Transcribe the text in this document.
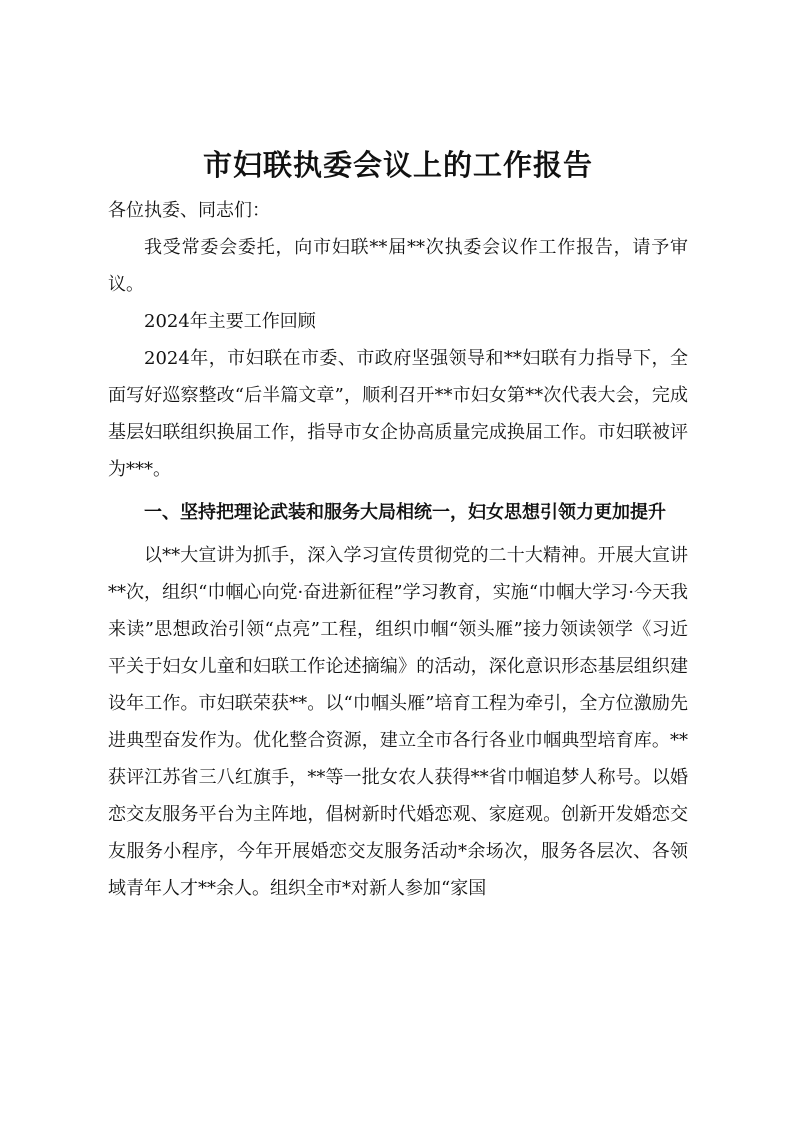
市妇联执委会议上的工作报告

各位执委、同志们：

我受常委会委托，向市妇联**届**次执委会议作工作报告，请予审议。

2024年主要工作回顾

2024年，市妇联在市委、市政府坚强领导和**妇联有力指导下，全面写好巡察整改“后半篇文章”，顺利召开**市妇女第**次代表大会，完成基层妇联组织换届工作，指导市女企协高质量完成换届工作。市妇联被评为***。

一、坚持把理论武装和服务大局相统一，妇女思想引领力更加提升

以**大宣讲为抓手，深入学习宣传贯彻党的二十大精神。开展大宣讲**次，组织“巾帼心向党·奋进新征程”学习教育，实施“巾帼大学习·今天我来读”思想政治引领“点亮”工程，组织巾帼“领头雁”接力领读领学《习近平关于妇女儿童和妇联工作论述摘编》的活动，深化意识形态基层组织建设年工作。市妇联荣获**。以“巾帼头雁”培育工程为牵引，全方位激励先进典型奋发作为。优化整合资源，建立全市各行各业巾帼典型培育库。**获评江苏省三八红旗手，**等一批女农人获得**省巾帼追梦人称号。以婚恋交友服务平台为主阵地，倡树新时代婚恋观、家庭观。创新开发婚恋交友服务小程序，今年开展婚恋交友服务活动*余场次，服务各层次、各领域青年人才**余人。组织全市*对新人参加“家国
